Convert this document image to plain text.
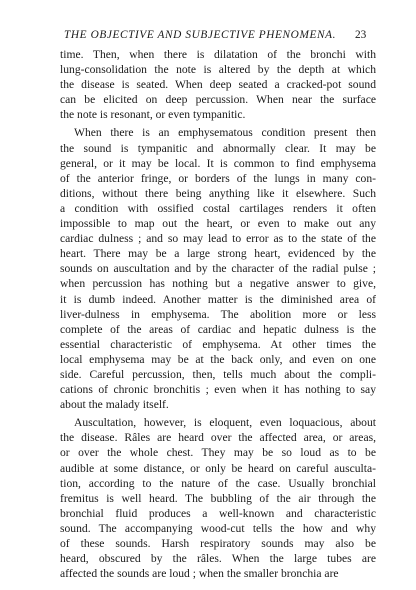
THE OBJECTIVE AND SUBJECTIVE PHENOMENA. 23

time. Then, when there is dilatation of the bronchi with
lung-consolidation the note is altered by the depth at which
the disease is seated. When deep seated a cracked-pot sound
can be elicited on deep percussion. When near the surface
the note is resonant, or even tympanitic.

When there is an emphysematous condition present then
the sound is tympanitic and abnormally clear. It may be
general, or it may be local. It is common to find emphysema
of the anterior fringe, or borders of the lungs in many con-
ditions, without there being anything like it elsewhere. Such
a condition with ossified costal cartilages renders it often
impossible to map out the heart, or even to make out any
cardiac dulness ; and so may lead to error as to the state of the
heart. There may be a large strong heart, evidenced by the
sounds on auscultation and by the character of the radial pulse ;
when percussion has nothing but a negative answer to give,
it is dumb indeed. Another matter is the diminished area of
liver-dulness in emphysema. The abolition more or less
complete of the areas of cardiac and hepatic dulness is the
essential characteristic of emphysema. At other times the
local emphysema may be at the back only, and even on one
side. Careful percussion, then, tells much about the compli-
cations of chronic bronchitis ; even when it has nothing to say
about the malady itself.

Auscultation, however, is eloquent, even loquacious, about
the disease. Râles are heard over the affected area, or areas,
or over the whole chest. They may be so loud as to be
audible at some distance, or only be heard on careful ausculta-
tion, according to the nature of the case. Usually bronchial
fremitus is well heard. The bubbling of the air through the
bronchial fluid produces a well-known and characteristic
sound. The accompanying wood-cut tells the how and why
of these sounds. Harsh respiratory sounds may also be
heard, obscured by the râles. When the large tubes are
affected the sounds are loud ; when the smaller bronchia are
